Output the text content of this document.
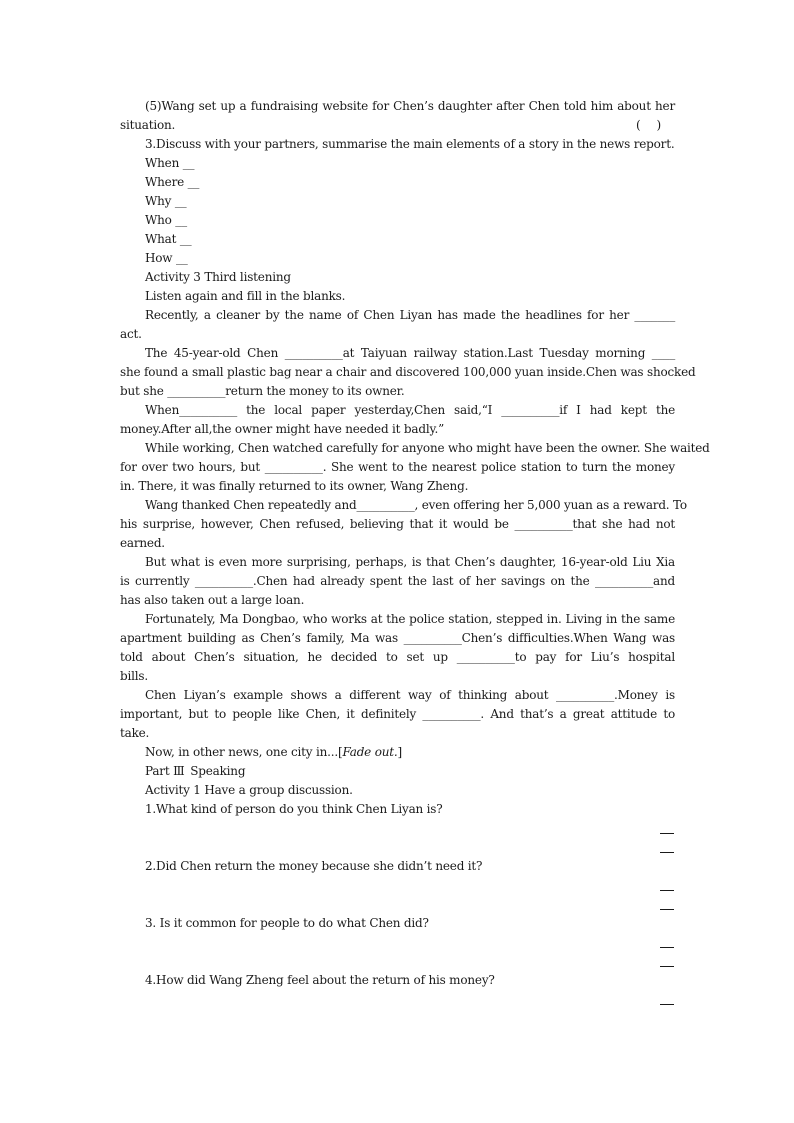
(5)Wang set up a fundraising website for Chen’s daughter after Chen told him about her
situation.	(  )
3.Discuss with your partners, summarise the main elements of a story in the news report.
When __
Where __
Why __
Who __
What __
How __
Activity 3 Third listening
Listen again and fill in the blanks.
Recently, a cleaner by the name of Chen Liyan has made the headlines for her _______
act.
The 45-year-old Chen __________at Taiyuan railway station.Last Tuesday morning ____
she found a small plastic bag near a chair and discovered 100,000 yuan inside.Chen was shocked
but she __________return the money to its owner.
When__________ the local paper yesterday,Chen said,“I __________if I had kept the
money.After all,the owner might have needed it badly.”
While working, Chen watched carefully for anyone who might have been the owner. She waited
for over two hours, but __________. She went to the nearest police station to turn the money
in. There, it was finally returned to its owner, Wang Zheng.
Wang thanked Chen repeatedly and__________, even offering her 5,000 yuan as a reward. To
his surprise, however, Chen refused, believing that it would be __________that she had not
earned.
But what is even more surprising, perhaps, is that Chen’s daughter, 16-year-old Liu Xia
is currently __________.Chen had already spent the last of her savings on the __________and
has also taken out a large loan.
Fortunately, Ma Dongbao, who works at the police station, stepped in. Living in the same
apartment building as Chen’s family, Ma was __________Chen’s difficulties.When Wang was
told about Chen’s situation, he decided to set up __________to pay for Liu’s hospital
bills.
Chen Liyan’s example shows a different way of thinking about __________.Money is
important, but to people like Chen, it definitely __________. And that’s a great attitude to
take.
Now, in other news, one city in...[Fade out.]
Part Ⅲ Speaking
Activity 1 Have a group discussion.
1.What kind of person do you think Chen Liyan is?
2.Did Chen return the money because she didn’t need it?
3. Is it common for people to do what Chen did?
4.How did Wang Zheng feel about the return of his money?
